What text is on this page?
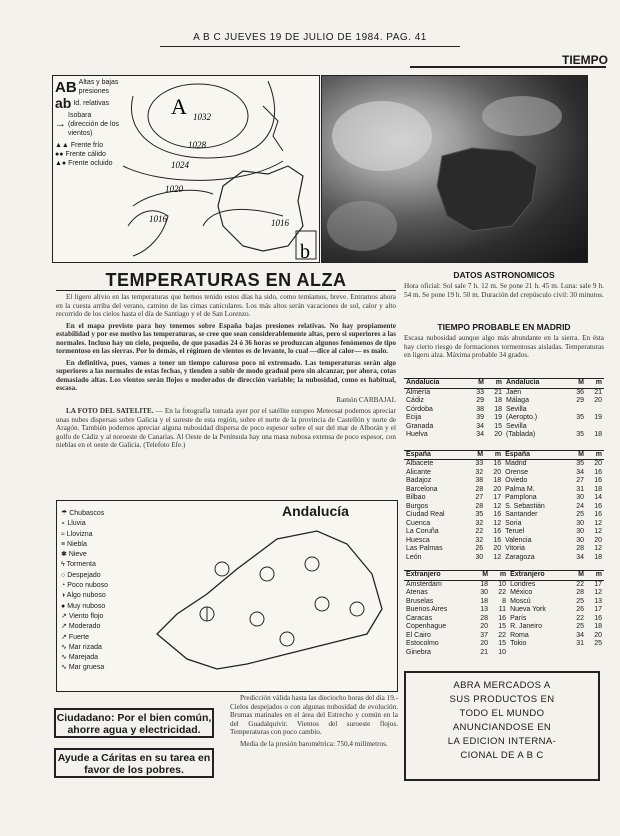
A B C JUEVES 19 DE JULIO DE 1984. PAG. 41
TIEMPO
AB Altas y bajas presiones
ab Id. relativas
→
Isobara (dirección de los vientos)
▲▲ Frente frío
●● Frente cálido
▲● Frente ocluido
A
b
1032
1028
1024
1020
1016	1016
TEMPERATURAS EN ALZA

El ligero alivio en las temperaturas que hemos tenido estos días ha sido, como temíamos, breve. Entramos ahora en la cuesta arriba del verano, camino de las cimas caniculares. Los más altos serán vacaciones de sol, calor y alto recorrido de los cielos hasta el día de Santiago y el de San Lorenzo.

En el mapa previsto para hoy tenemos sobre España bajas presiones relativas. No hay propiamente estabilidad y por ese motivo las temperaturas, se cree que sean considerablemente altas, pero si superiores a las normales. Incluso hay un cielo, pequeño, de que pasadas 24 ó 36 horas se produzcan algunos fenómenos de tipo tormentoso en las sierras. Por lo demás, el régimen de vientos es de levante, lo cual —dice al calor— es malo.

En definitiva, pues, vamos a tener un tiempo caluroso poco ni extremado. Las temperaturas serán algo superiores a las normales de estas fechas, y tienden a subir de modo gradual pero sin alcanzar, por ahora, cotas demasiado altas. Los vientos serán flojos o moderados de dirección variable; la nubosidad, como es habitual, escasa.

Ramón CARBAJAL

LA FOTO DEL SATELITE. — En la fotografía tomada ayer por el satélite europeo Meteosat podemos apreciar unas nubes dispersas sobre Galicia y el sureste de esta región, sobre el norte de la provincia de Castellón y norte de Aragón. También podemos apreciar alguna nubosidad dispersa de poco espesor sobre el sur del mar de Alborán y el golfo de Cádiz y al noroeste de Canarias. Al Oeste de la Península hay una masa nubosa extensa de poco espesor, con nieblas en el oeste de Galicia. (Telefoto Efe.)

Andalucía
☂ Chubascos
∘ Lluvia
≈ Llovizna
≡ Niebla
✱ Nieve
ϟ Tormenta
○ Despejado
◔ Poco nuboso
◑ Algo nuboso
● Muy nuboso
↗ Viento flojo
↗ Moderado
↗ Fuerte
∿ Mar rizada
∿ Marejada
∿ Mar gruesa
Ciudadano: Por el bien común, ahorre agua y electricidad.
Ayude a Cáritas en su tarea en favor de los pobres.

Predicción válida hasta las dieciocho horas del día 19.- Cielos despejados o con algunas nubosidad de evolución. Brumas matinales en el área del Estrecho y común en la del Guadalquivir. Vientos del suroeste flojos. Temperaturas con poco cambio.

Media de la presión barométrica: 750,4 milímetros.

DATOS ASTRONOMICOS
Hora oficial: Sol sale 7 h. 12 m. Se pone 21 h. 45 m. Luna: sale 9 h. 54 m. Se pone 19 h. 50 m. Duración del crepúsculo civil: 30 minutos.
TIEMPO PROBABLE EN MADRID
Escasa nubosidad aunque algo más abundante en la sierra. En ésta hay cierto riesgo de formaciones tormentosas aisladas. Temperaturas en ligero alza. Máxima probable 34 grados.
Andalucía	M	m	Andalucía	M	m
Almería	33	21	Jaén	36	21
Cádiz	29	18	Málaga	29	20
Córdoba	38	18	Sevilla		
Ecija	39	19	(Aeropto.)	35	19
Granada	34	15	Sevilla		
Huelva	34	20	(Tablada)	35	18
España	M	m	España	M	m
Albacete	33	16	Madrid	35	20
Alicante	32	20	Orense	34	16
Badajoz	38	18	Oviedo	27	16
Barcelona	28	20	Palma M.	31	18
Bilbao	27	17	Pamplona	30	14
Burgos	28	12	S. Sebastián	24	16
Ciudad Real	35	16	Santander	25	16
Cuenca	32	12	Soria	30	12
La Coruña	22	16	Teruel	30	12
Huesca	32	16	Valencia	30	20
Las Palmas	26	20	Vitoria	28	12
León	30	12	Zaragoza	34	18
Extranjero	M	m	Extranjero	M	m
Amsterdam	18	10	Londres	22	17
Atenas	30	22	México	28	12
Bruselas	18	8	Moscú	25	13
Buenos Aires	13	11	Nueva York	26	17
Caracas	28	16	París	22	16
Copenhague	20	15	R. Janeiro	25	18
El Cairo	37	22	Roma	34	20
Estocolmo	20	15	Tokio	31	25
Ginebra	21	10			
ABRA MERCADOS A
SUS PRODUCTOS EN
TODO EL MUNDO
ANUNCIANDOSE EN
LA EDICION INTERNA-
CIONAL DE A B C
